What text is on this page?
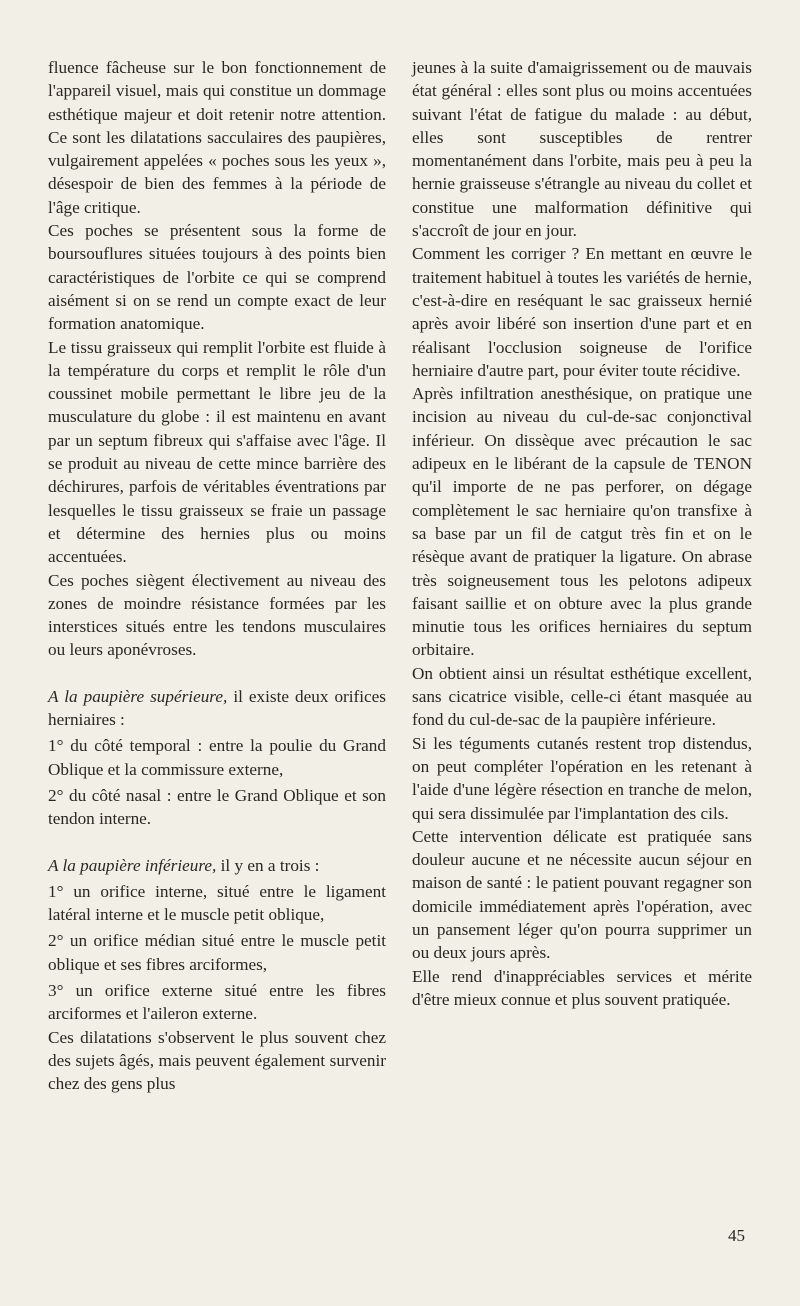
fluence fâcheuse sur le bon fonctionnement de l'appareil visuel, mais qui constitue un dommage esthétique majeur et doit retenir notre attention. Ce sont les dilatations sacculaires des paupières, vulgairement appelées « poches sous les yeux », désespoir de bien des femmes à la période de l'âge critique.

Ces poches se présentent sous la forme de boursouflures situées toujours à des points bien caractéristiques de l'orbite ce qui se comprend aisément si on se rend un compte exact de leur formation anatomique.

Le tissu graisseux qui remplit l'orbite est fluide à la température du corps et remplit le rôle d'un coussinet mobile permettant le libre jeu de la musculature du globe : il est maintenu en avant par un septum fibreux qui s'affaise avec l'âge. Il se produit au niveau de cette mince barrière des déchirures, parfois de véritables éventrations par lesquelles le tissu graisseux se fraie un passage et détermine des hernies plus ou moins accentuées.

Ces poches siègent électivement au niveau des zones de moindre résistance formées par les interstices situés entre les tendons musculaires ou leurs aponévroses.

A la paupière supérieure, il existe deux orifices herniaires :

1° du côté temporal : entre la poulie du Grand Oblique et la commissure externe,

2° du côté nasal : entre le Grand Oblique et son tendon interne.

A la paupière inférieure, il y en a trois :

1° un orifice interne, situé entre le ligament latéral interne et le muscle petit oblique,

2° un orifice médian situé entre le muscle petit oblique et ses fibres arciformes,

3° un orifice externe situé entre les fibres arciformes et l'aileron externe.

Ces dilatations s'observent le plus souvent chez des sujets âgés, mais peuvent également survenir chez des gens plus

jeunes à la suite d'amaigrissement ou de mauvais état général : elles sont plus ou moins accentuées suivant l'état de fatigue du malade : au début, elles sont susceptibles de rentrer momentanément dans l'orbite, mais peu à peu la hernie graisseuse s'étrangle au niveau du collet et constitue une malformation définitive qui s'accroît de jour en jour.

Comment les corriger ? En mettant en œuvre le traitement habituel à toutes les variétés de hernie, c'est-à-dire en reséquant le sac graisseux hernié après avoir libéré son insertion d'une part et en réalisant l'occlusion soigneuse de l'orifice herniaire d'autre part, pour éviter toute récidive.

Après infiltration anesthésique, on pratique une incision au niveau du cul-de-sac conjonctival inférieur. On dissèque avec précaution le sac adipeux en le libérant de la capsule de TENON qu'il importe de ne pas perforer, on dégage complètement le sac herniaire qu'on transfixe à sa base par un fil de catgut très fin et on le résèque avant de pratiquer la ligature. On abrase très soigneusement tous les pelotons adipeux faisant saillie et on obture avec la plus grande minutie tous les orifices herniaires du septum orbitaire.

On obtient ainsi un résultat esthétique excellent, sans cicatrice visible, celle-ci étant masquée au fond du cul-de-sac de la paupière inférieure.

Si les téguments cutanés restent trop distendus, on peut compléter l'opération en les retenant à l'aide d'une légère résection en tranche de melon, qui sera dissimulée par l'implantation des cils.

Cette intervention délicate est pratiquée sans douleur aucune et ne nécessite aucun séjour en maison de santé : le patient pouvant regagner son domicile immédiatement après l'opération, avec un pansement léger qu'on pourra supprimer un ou deux jours après.

Elle rend d'inappréciables services et mérite d'être mieux connue et plus souvent pratiquée.

45
